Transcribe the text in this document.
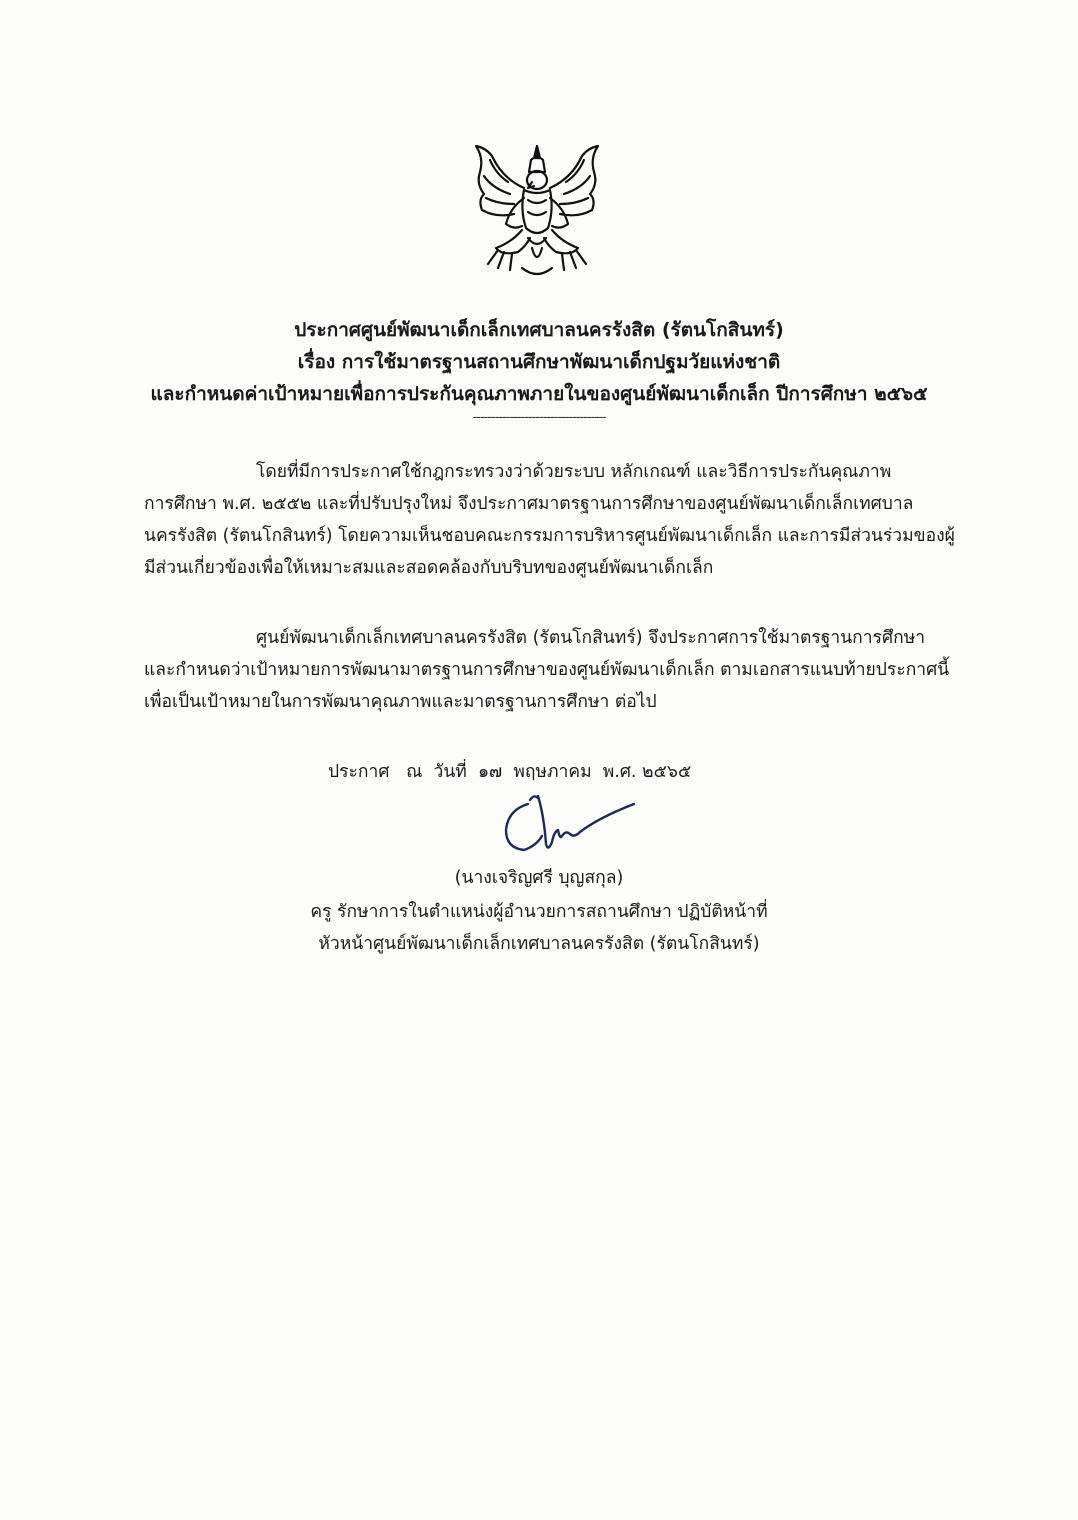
ประกาศศูนย์พัฒนาเด็กเล็กเทศบาลนครรังสิต (รัตนโกสินทร์)
เรื่อง การใช้มาตรฐานสถานศึกษาพัฒนาเด็กปฐมวัยแห่งชาติ
และกำหนดค่าเป้าหมายเพื่อการประกันคุณภาพภายในของศูนย์พัฒนาเด็กเล็ก ปีการศึกษา ๒๕๖๕
------------------------------------
โดยที่มีการประกาศใช้กฎกระทรวงว่าด้วยระบบ หลักเกณฑ์ และวิธีการประกันคุณภาพ
การศึกษา พ.ศ. ๒๕๕๒ และที่ปรับปรุงใหม่ จึงประกาศมาตรฐานการศึกษาของศูนย์พัฒนาเด็กเล็กเทศบาล
นครรังสิต (รัตนโกสินทร์) โดยความเห็นชอบคณะกรรมการบริหารศูนย์พัฒนาเด็กเล็ก และการมีส่วนร่วมของผู้
มีส่วนเกี่ยวข้องเพื่อให้เหมาะสมและสอดคล้องกับบริบทของศูนย์พัฒนาเด็กเล็ก
ศูนย์พัฒนาเด็กเล็กเทศบาลนครรังสิต (รัตนโกสินทร์) จึงประกาศการใช้มาตรฐานการศึกษา
และกำหนดว่าเป้าหมายการพัฒนามาตรฐานการศึกษาของศูนย์พัฒนาเด็กเล็ก ตามเอกสารแนบท้ายประกาศนี้
เพื่อเป็นเป้าหมายในการพัฒนาคุณภาพและมาตรฐานการศึกษา ต่อไป
ประกาศ   ณ  วันที่  ๑๗  พฤษภาคม  พ.ศ. ๒๕๖๕
(นางเจริญศรี บุญสกุล)
ครู รักษาการในตำแหน่งผู้อำนวยการสถานศึกษา ปฏิบัติหน้าที่
หัวหน้าศูนย์พัฒนาเด็กเล็กเทศบาลนครรังสิต (รัตนโกสินทร์)
